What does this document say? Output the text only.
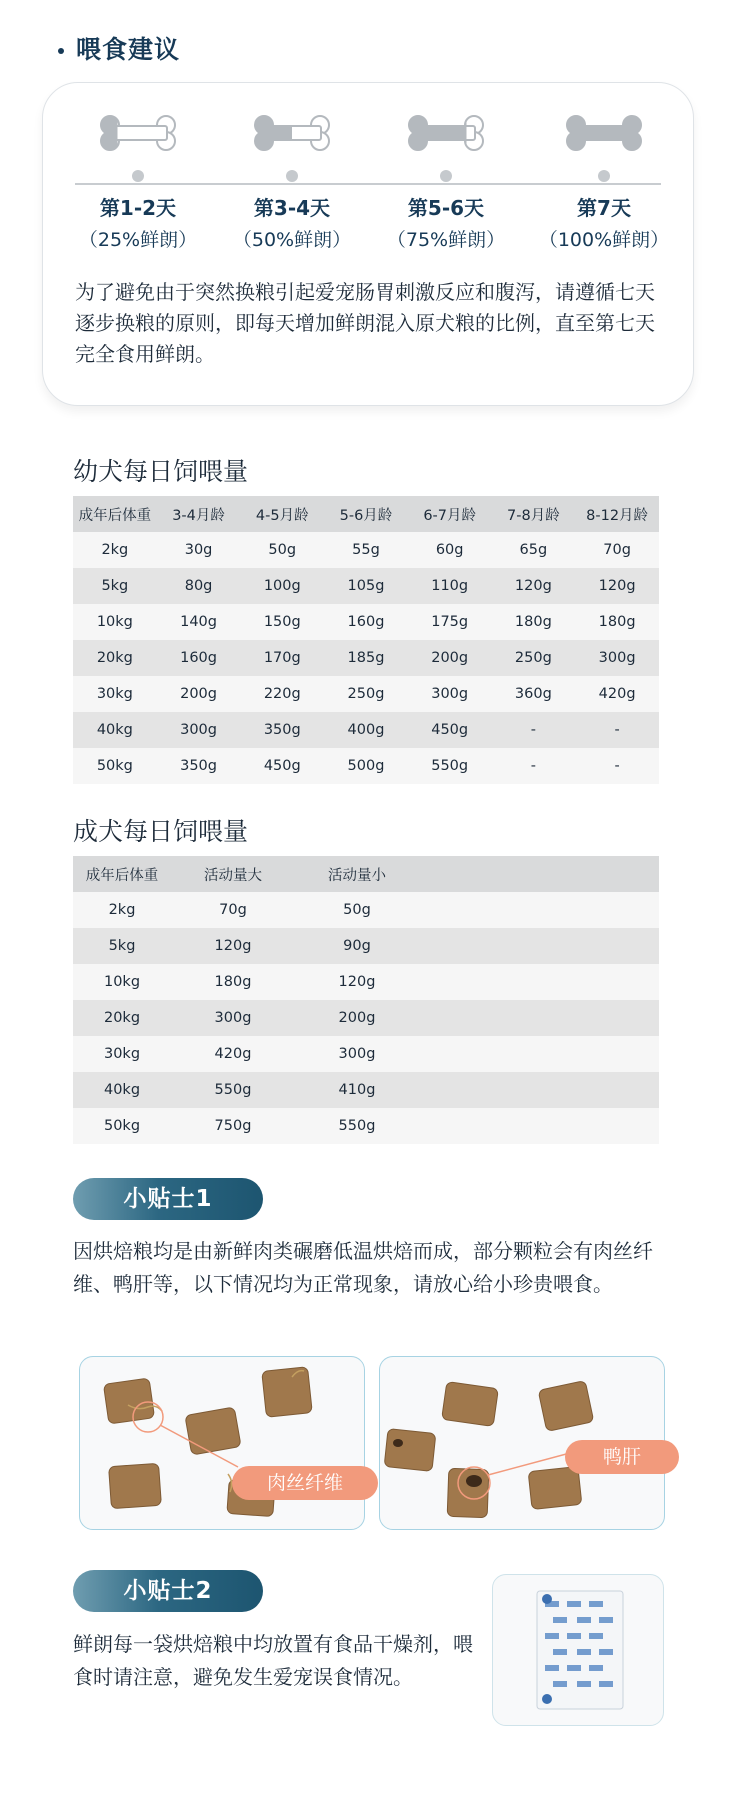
喂食建议
第1-2天
（25%鲜朗）
第3-4天
（50%鲜朗）
第5-6天
（75%鲜朗）
第7天
（100%鲜朗）
为了避免由于突然换粮引起爱宠肠胃刺激反应和腹泻，请遵循七天逐步换粮的原则，即每天增加鲜朗混入原犬粮的比例，直至第七天完全食用鲜朗。
幼犬每日饲喂量
成年后体重	3-4月龄	4-5月龄	5-6月龄	6-7月龄	7-8月龄	8-12月龄
2kg	30g	50g	55g	60g	65g	70g
5kg	80g	100g	105g	110g	120g	120g
10kg	140g	150g	160g	175g	180g	180g
20kg	160g	170g	185g	200g	250g	300g
30kg	200g	220g	250g	300g	360g	420g
40kg	300g	350g	400g	450g	-	-
50kg	350g	450g	500g	550g	-	-
成犬每日饲喂量
成年后体重	活动量大	活动量小	
2kg	70g	50g	
5kg	120g	90g	
10kg	180g	120g	
20kg	300g	200g	
30kg	420g	300g	
40kg	550g	410g	
50kg	750g	550g	
小贴士1
因烘焙粮均是由新鲜肉类碾磨低温烘焙而成，部分颗粒会有肉丝纤维、鸭肝等，以下情况均为正常现象，请放心给小珍贵喂食。
肉丝纤维
鸭肝
小贴士2
鲜朗每一袋烘焙粮中均放置有食品干燥剂，喂食时请注意，避免发生爱宠误食情况。
